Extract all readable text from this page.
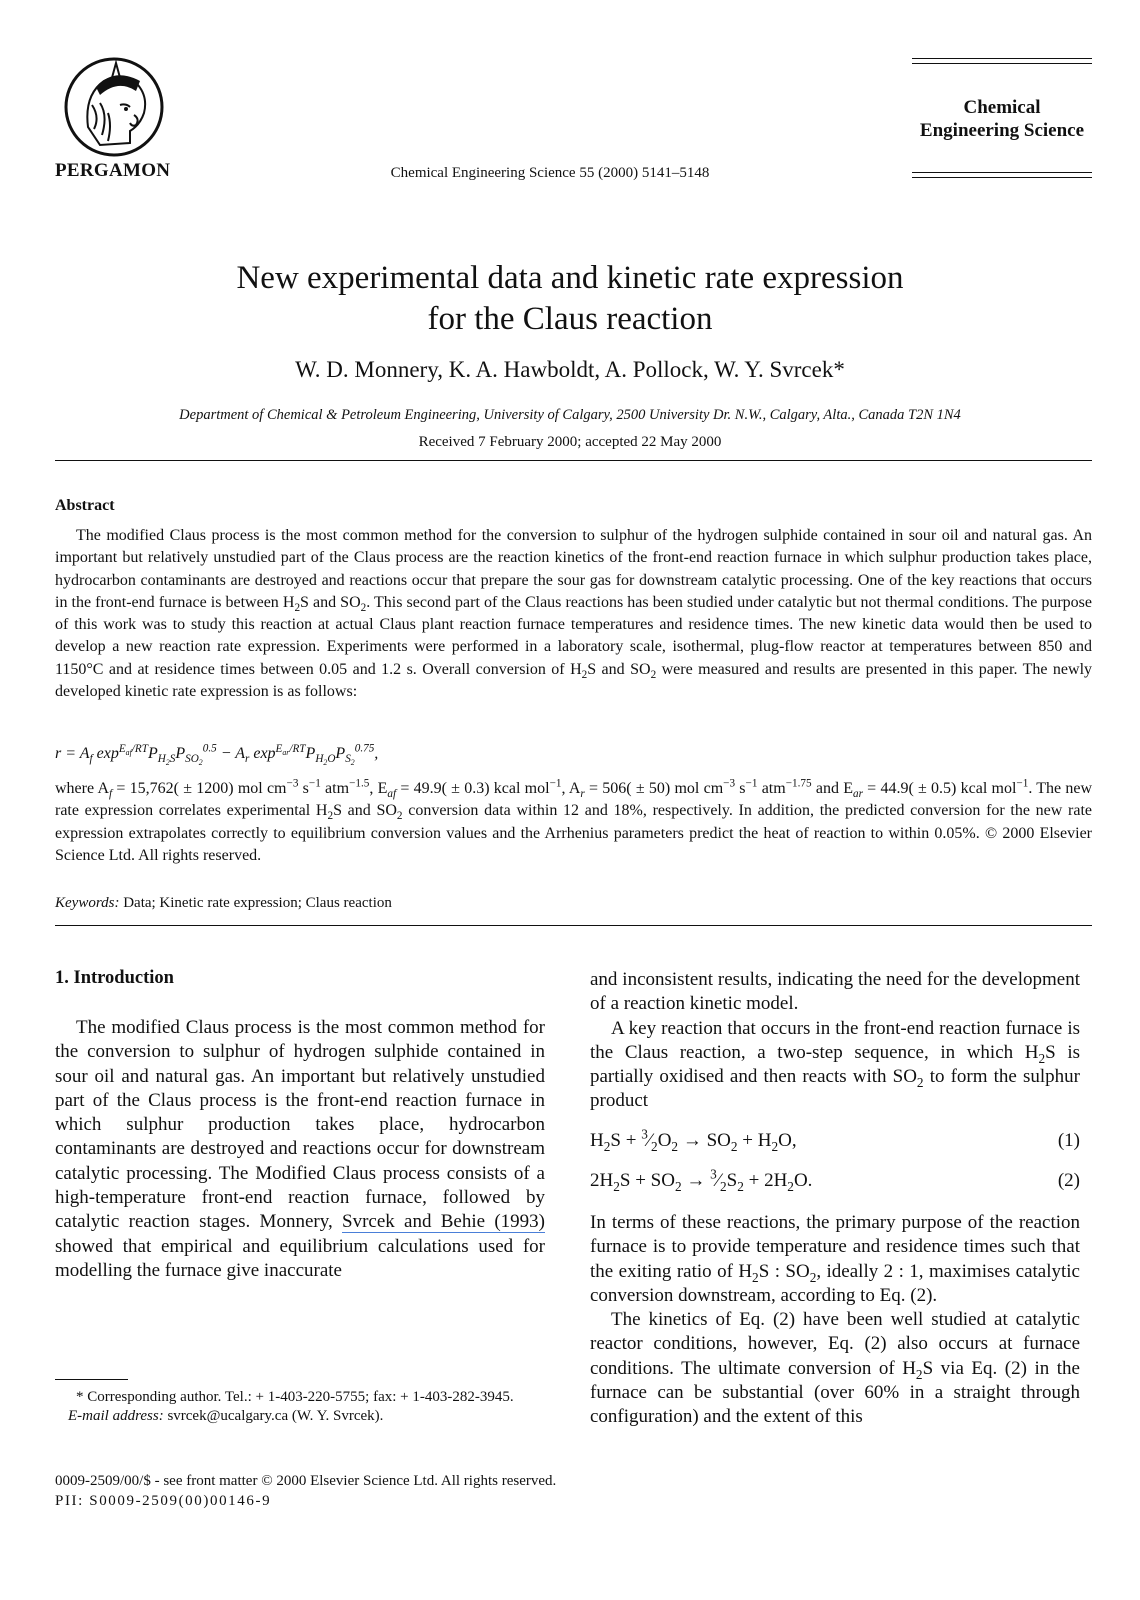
PERGAMON	Chemical Engineering Science 55 (2000) 5141–5148
Chemical
Engineering Science
New experimental data and kinetic rate expression
for the Claus reaction
W. D. Monnery, K. A. Hawboldt, A. Pollock, W. Y. Svrcek*
Department of Chemical & Petroleum Engineering, University of Calgary, 2500 University Dr. N.W., Calgary, Alta., Canada T2N 1N4
Received 7 February 2000; accepted 22 May 2000
Abstract

The modified Claus process is the most common method for the conversion to sulphur of the hydrogen sulphide contained in sour oil and natural gas. An important but relatively unstudied part of the Claus process are the reaction kinetics of the front-end reaction furnace in which sulphur production takes place, hydrocarbon contaminants are destroyed and reactions occur that prepare the sour gas for downstream catalytic processing. One of the key reactions that occurs in the front-end furnace is between $H_2S$ and $SO_2$. This second part of the Claus reactions has been studied under catalytic but not thermal conditions. The purpose of this work was to study this reaction at actual Claus plant reaction furnace temperatures and residence times. The new kinetic data would then be used to develop a new reaction rate expression. Experiments were performed in a laboratory scale, isothermal, plug-flow reactor at temperatures between 850 and 1150°C and at residence times between 0.05 and 1.2 s. Overall conversion of $H_2S$ and $SO_2$ were measured and results are presented in this paper. The newly developed kinetic rate expression is as follows:

$r = A_f$ $\exp^{E_{af}/RT}P_{H_2S}P_{SO_2}^{0.5} - A_r$ $\exp^{E_{ar}/RT}P_{H_2O}P_{S_2}^{0.75}$,

where $A_f = 15,762( \pm 1200)$ mol $cm^{-3}$ $s^{-1}$ atm$^{-1.5}$, $E_{af} = 49.9( \pm 0.3)$ kcal mol$^{-1}$, $A_r = 506( \pm 50)$ mol $cm^{-3}$ $s^{-1}$ atm$^{-1.75}$ and $E_{ar} = 44.9( \pm 0.5)$ kcal mol$^{-1}$. The new rate expression correlates experimental $H_2S$ and $SO_2$ conversion data within 12 and 18%, respectively. In addition, the predicted conversion for the new rate expression extrapolates correctly to equilibrium conversion values and the Arrhenius parameters predict the heat of reaction to within 0.05%. © 2000 Elsevier Science Ltd. All rights reserved.

Keywords: Data; Kinetic rate expression; Claus reaction
1. Introduction

The modified Claus process is the most common method for the conversion to sulphur of hydrogen sulphide contained in sour oil and natural gas. An important but relatively unstudied part of the Claus process is the front-end reaction furnace in which sulphur production takes place, hydrocarbon contaminants are destroyed and reactions occur for downstream catalytic processing. The Modified Claus process consists of a high-temperature front-end reaction furnace, followed by catalytic reaction stages. Monnery, Svrcek and Behie (1993) showed that empirical and equilibrium calculations used for modelling the furnace give inaccurate

and inconsistent results, indicating the need for the development of a reaction kinetic model.

A key reaction that occurs in the front-end reaction furnace is the Claus reaction, a two-step sequence, in which $H_2S$ is partially oxidised and then reacts with $SO_2$ to form the sulphur product

$H_2S$ + $^3⁄_2O_2 \to SO_2 + H_2O$,	(1)
$2H_2S + SO_2$ → $^3⁄_2S_2 + 2H_2O$.	(2)

In terms of these reactions, the primary purpose of the reaction furnace is to provide temperature and residence times such that the exiting ratio of $H_2S$ : $SO_2$, ideally 2 : 1, maximises catalytic conversion downstream, according to Eq. (2).

The kinetics of Eq. (2) have been well studied at catalytic reactor conditions, however, Eq. (2) also occurs at furnace conditions. The ultimate conversion of $H_2S$ via Eq. (2) in the furnace can be substantial (over 60% in a straight through configuration) and the extent of this

* Corresponding author. Tel.: + 1-403-220-5755; fax: + 1-403-282-3945.
E-mail address: svrcek@ucalgary.ca (W. Y. Svrcek).
0009-2509/00/$ - see front matter © 2000 Elsevier Science Ltd. All rights reserved.
PII: S0009-2509(00)00146-9
